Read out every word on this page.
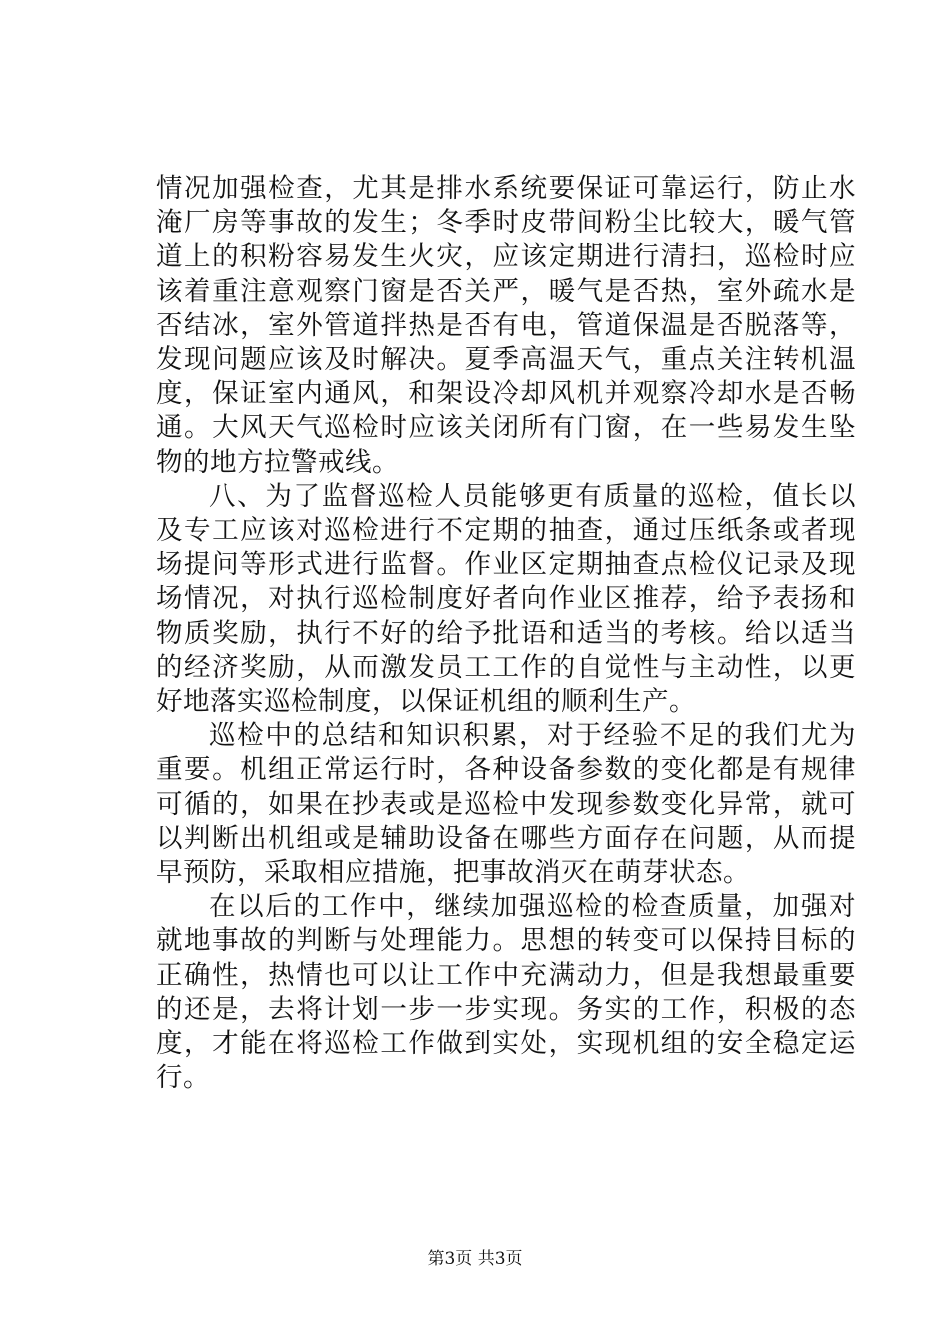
情况加强检查，尤其是排水系统要保证可靠运行，防止水淹厂房等事故的发生；冬季时皮带间粉尘比较大，暖气管道上的积粉容易发生火灾，应该定期进行清扫，巡检时应该着重注意观察门窗是否关严，暖气是否热，室外疏水是否结冰，室外管道拌热是否有电，管道保温是否脱落等，发现问题应该及时解决。夏季高温天气，重点关注转机温度，保证室内通风，和架设冷却风机并观察冷却水是否畅通。大风天气巡检时应该关闭所有门窗，在一些易发生坠物的地方拉警戒线。

八、为了监督巡检人员能够更有质量的巡检，值长以及专工应该对巡检进行不定期的抽查，通过压纸条或者现场提问等形式进行监督。作业区定期抽查点检仪记录及现场情况，对执行巡检制度好者向作业区推荐，给予表扬和物质奖励，执行不好的给予批语和适当的考核。给以适当的经济奖励，从而激发员工工作的自觉性与主动性，以更好地落实巡检制度，以保证机组的顺利生产。

巡检中的总结和知识积累，对于经验不足的我们尤为重要。机组正常运行时，各种设备参数的变化都是有规律可循的，如果在抄表或是巡检中发现参数变化异常，就可以判断出机组或是辅助设备在哪些方面存在问题，从而提早预防，采取相应措施，把事故消灭在萌芽状态。

在以后的工作中，继续加强巡检的检查质量，加强对就地事故的判断与处理能力。思想的转变可以保持目标的正确性，热情也可以让工作中充满动力，但是我想最重要的还是，去将计划一步一步实现。务实的工作，积极的态度，才能在将巡检工作做到实处，实现机组的安全稳定运行。

第3页 共3页
